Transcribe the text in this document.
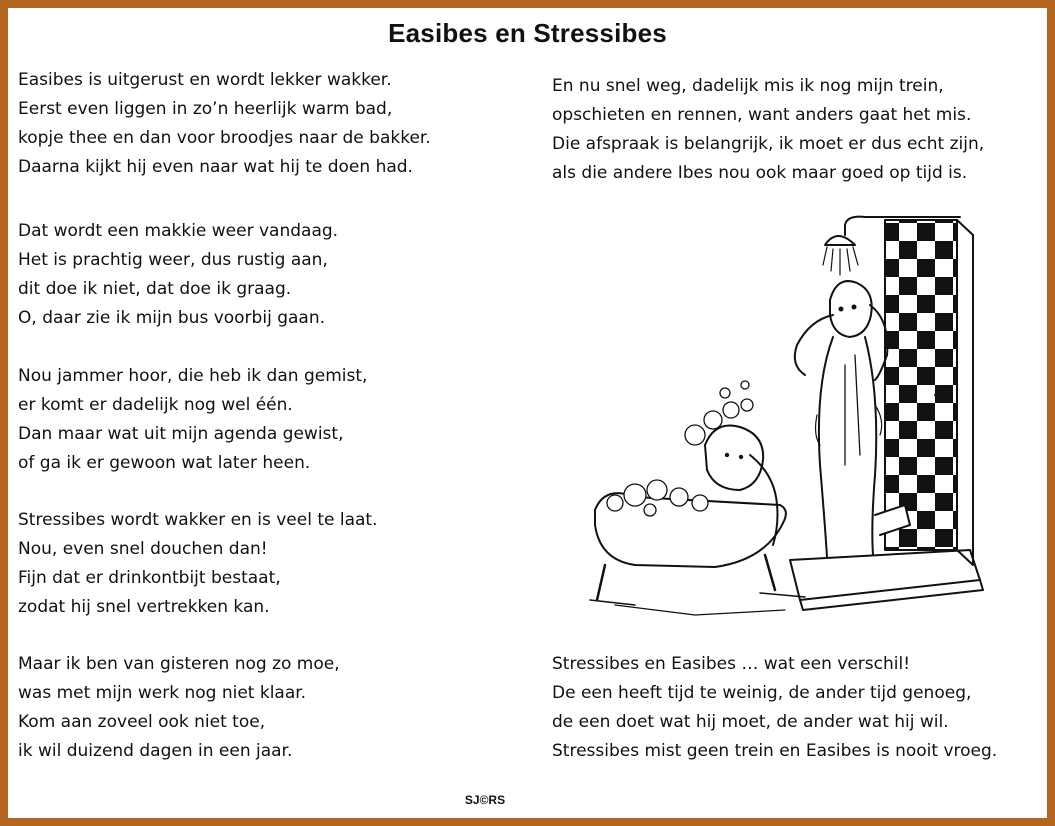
Easibes en Stressibes
Easibes is uitgerust en wordt lekker wakker.
Eerst even liggen in zo’n heerlijk warm bad,
kopje thee en dan voor broodjes naar de bakker.
Daarna kijkt hij even naar wat hij te doen had.
Dat wordt een makkie weer vandaag.
Het is prachtig weer, dus rustig aan,
dit doe ik niet, dat doe ik graag.
O, daar zie ik mijn bus voorbij gaan.
Nou jammer hoor, die heb ik dan gemist,
er komt er dadelijk nog wel één.
Dan maar wat uit mijn agenda gewist,
of ga ik er gewoon wat later heen.
Stressibes wordt wakker en is veel te laat.
Nou, even snel douchen dan!
Fijn dat er drinkontbijt bestaat,
zodat hij snel vertrekken kan.
Maar ik ben van gisteren nog zo moe,
was met mijn werk nog niet klaar.
Kom aan zoveel ook niet toe,
ik wil duizend dagen in een jaar.
En nu snel weg, dadelijk mis ik nog mijn trein,
opschieten en rennen, want anders gaat het mis.
Die afspraak is belangrijk, ik moet er dus echt zijn,
als die andere Ibes nou ook maar goed op tijd is.
Stressibes en Easibes … wat een verschil!
De een heeft tijd te weinig, de ander tijd genoeg,
de een doet wat hij moet, de ander wat hij wil.
Stressibes mist geen trein en Easibes is nooit vroeg.
SJ©RS
